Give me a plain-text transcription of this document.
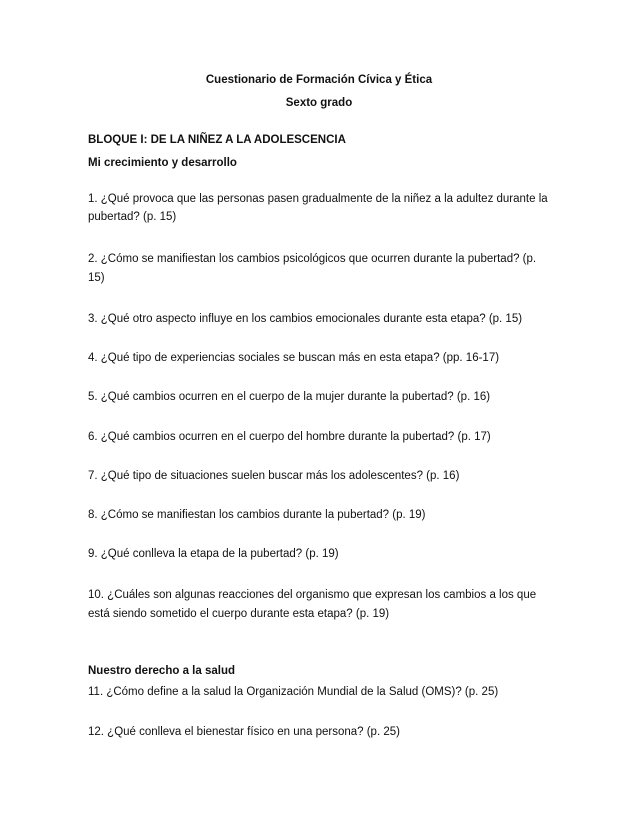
Cuestionario de Formación Cívica y Ética
Sexto grado
BLOQUE I: DE LA NIÑEZ A LA ADOLESCENCIA
Mi crecimiento y desarrollo
1. ¿Qué provoca que las personas pasen gradualmente de la niñez a la adultez durante la
pubertad? (p. 15)
2. ¿Cómo se manifiestan los cambios psicológicos que ocurren durante la pubertad? (p.
15)
3. ¿Qué otro aspecto influye en los cambios emocionales durante esta etapa? (p. 15)
4. ¿Qué tipo de experiencias sociales se buscan más en esta etapa? (pp. 16-17)
5. ¿Qué cambios ocurren en el cuerpo de la mujer durante la pubertad? (p. 16)
6. ¿Qué cambios ocurren en el cuerpo del hombre durante la pubertad? (p. 17)
7. ¿Qué tipo de situaciones suelen buscar más los adolescentes? (p. 16)
8. ¿Cómo se manifiestan los cambios durante la pubertad? (p. 19)
9. ¿Qué conlleva la etapa de la pubertad? (p. 19)
10. ¿Cuáles son algunas reacciones del organismo que expresan los cambios a los que
está siendo sometido el cuerpo durante esta etapa? (p. 19)
Nuestro derecho a la salud
11. ¿Cómo define a la salud la Organización Mundial de la Salud (OMS)? (p. 25)
12. ¿Qué conlleva el bienestar físico en una persona? (p. 25)
